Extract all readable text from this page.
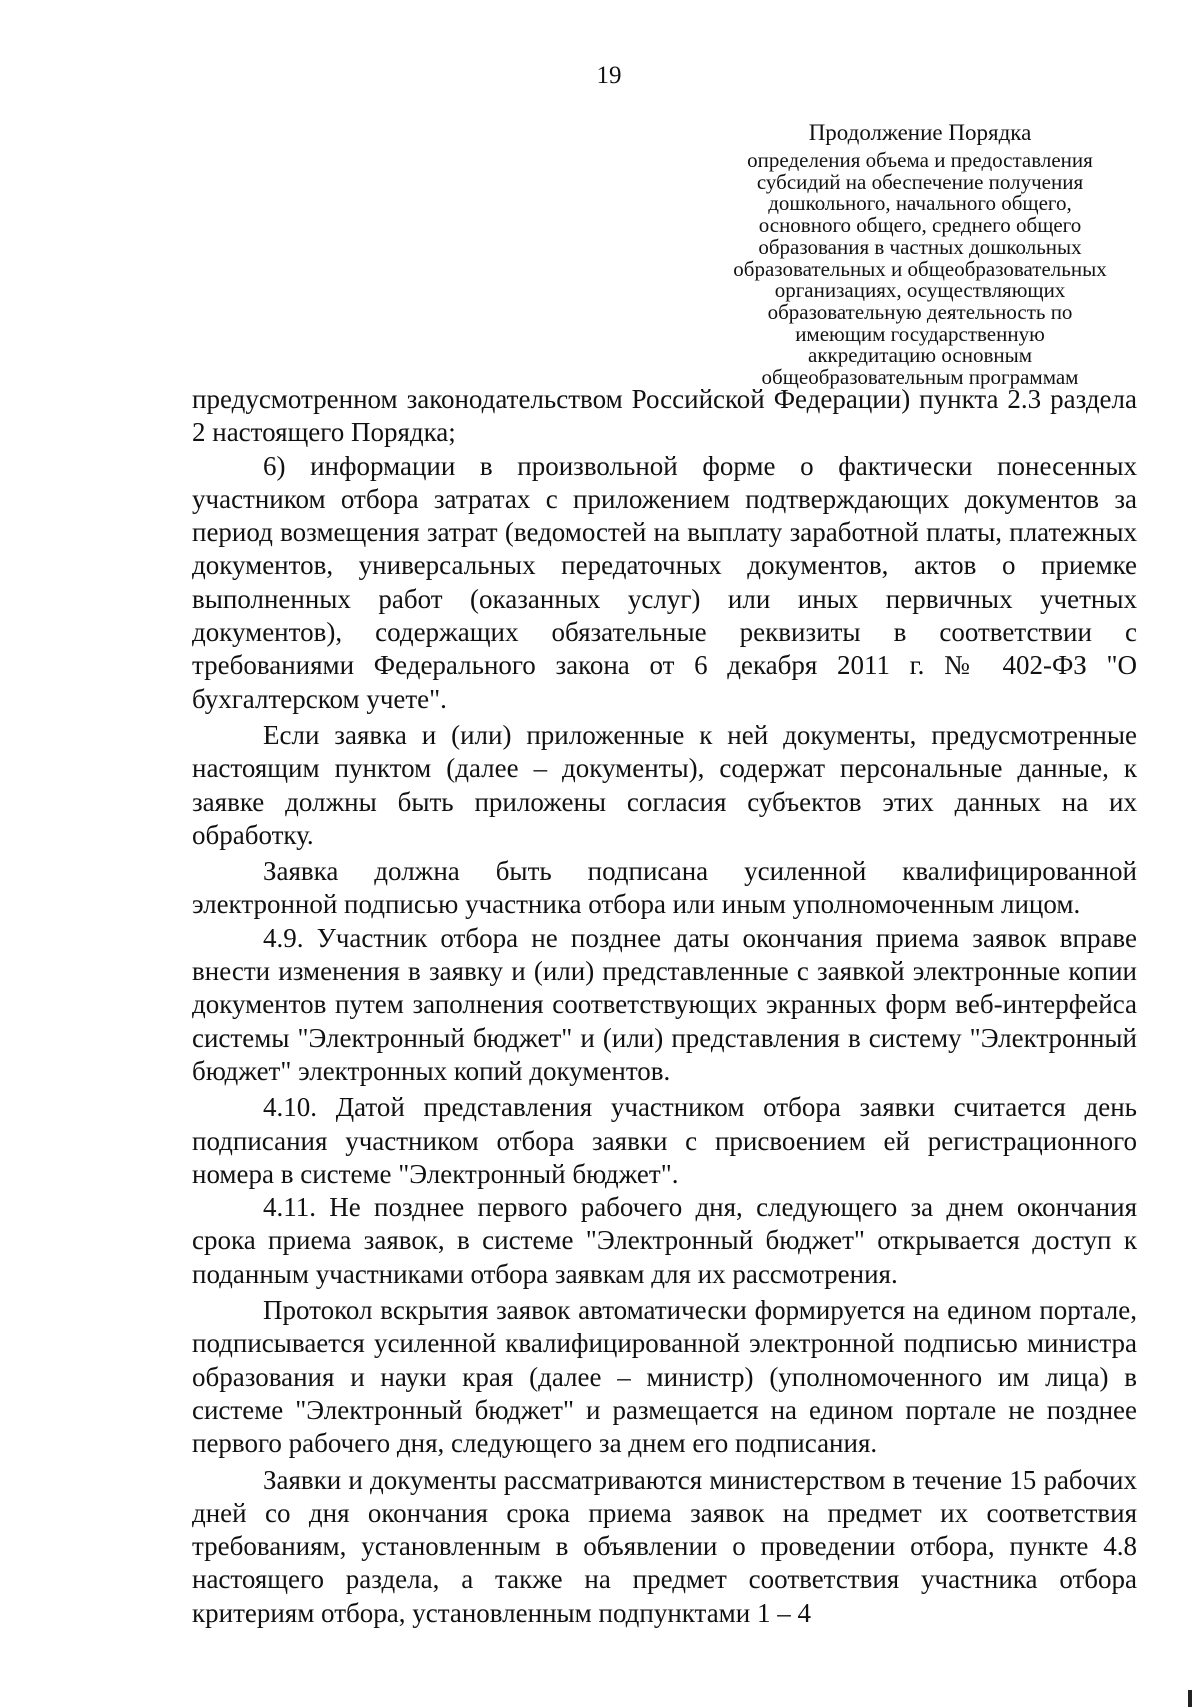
19
Продолжение Порядка
определения объема и предоставления
субсидий на обеспечение получения
дошкольного, начального общего,
основного общего, среднего общего
образования в частных дошкольных
образовательных и общеобразовательных
организациях, осуществляющих
образовательную деятельность по
имеющим государственную
аккредитацию основным
общеобразовательным программам

предусмотренном законодательством Российской Федерации) пункта 2.3 раздела 2 настоящего Порядка;

6) информации в произвольной форме о фактически понесенных участником отбора затратах с приложением подтверждающих документов за период возмещения затрат (ведомостей на выплату заработной платы, платежных документов, универсальных передаточных документов, актов о приемке выполненных работ (оказанных услуг) или иных первичных учетных документов), содержащих обязательные реквизиты в соответствии с требованиями Федерального закона от 6 декабря 2011 г. № 402-ФЗ "О бухгалтерском учете".

Если заявка и (или) приложенные к ней документы, предусмотренные настоящим пунктом (далее – документы), содержат персональные данные, к заявке должны быть приложены согласия субъектов этих данных на их обработку.

Заявка должна быть подписана усиленной квалифицированной электронной подписью участника отбора или иным уполномоченным лицом.

4.9. Участник отбора не позднее даты окончания приема заявок вправе внести изменения в заявку и (или) представленные с заявкой электронные копии документов путем заполнения соответствующих экранных форм веб-интерфейса системы "Электронный бюджет" и (или) представления в систему "Электронный бюджет" электронных копий документов.

4.10. Датой представления участником отбора заявки считается день подписания участником отбора заявки с присвоением ей регистрационного номера в системе "Электронный бюджет".

4.11. Не позднее первого рабочего дня, следующего за днем окончания срока приема заявок, в системе "Электронный бюджет" открывается доступ к поданным участниками отбора заявкам для их рассмотрения.

Протокол вскрытия заявок автоматически формируется на едином портале, подписывается усиленной квалифицированной электронной подписью министра образования и науки края (далее – министр) (уполномоченного им лица) в системе "Электронный бюджет" и размещается на едином портале не позднее первого рабочего дня, следующего за днем его подписания.

Заявки и документы рассматриваются министерством в течение 15 рабочих дней со дня окончания срока приема заявок на предмет их соответствия требованиям, установленным в объявлении о проведении отбора, пункте 4.8 настоящего раздела, а также на предмет соответствия участника отбора критериям отбора, установленным подпунктами 1 – 4
